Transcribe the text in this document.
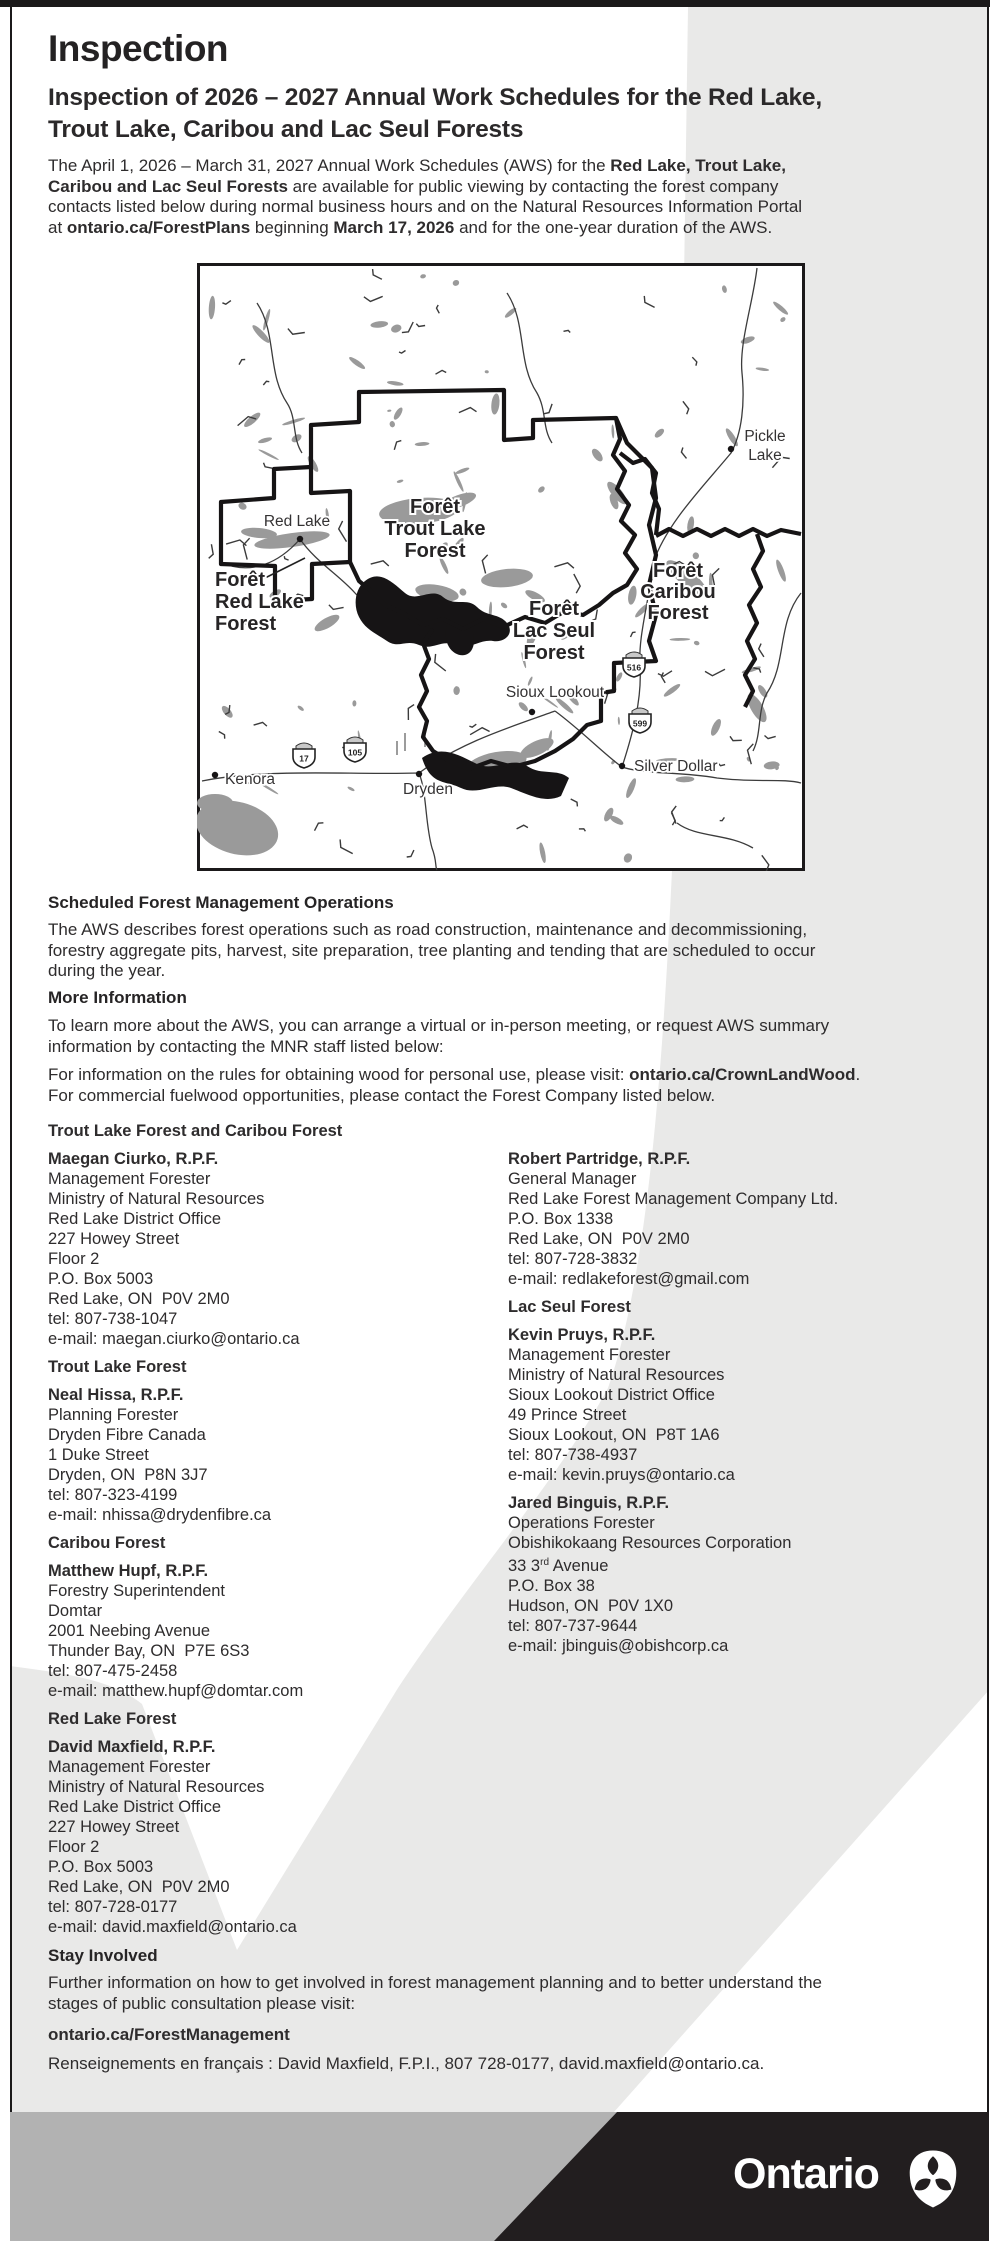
Inspection
Inspection of 2026 – 2027 Annual Work Schedules for the Red Lake,
Trout Lake, Caribou and Lac Seul Forests
The April 1, 2026 – March 31, 2027 Annual Work Schedules (AWS) for the Red Lake, Trout Lake,
Caribou and Lac Seul Forests are available for public viewing by contacting the forest company
contacts listed below during normal business hours and on the Natural Resources Information Portal
at ontario.ca/ForestPlans beginning March 17, 2026 and for the one-year duration of the AWS.
17
105
516
599
Forêt
Trout Lake
Forest
Forêt
Red Lake
Forest
Forêt
Lac Seul
Forest
Forêt
Caribou
Forest
Red Lake
Pickle
Lake
Sioux Lookout
Silver Dollar
Kenora
Dryden
Scheduled Forest Management Operations
The AWS describes forest operations such as road construction, maintenance and decommissioning,
forestry aggregate pits, harvest, site preparation, tree planting and tending that are scheduled to occur
during the year.
More Information
To learn more about the AWS, you can arrange a virtual or in-person meeting, or request AWS summary
information by contacting the MNR staff listed below:
For information on the rules for obtaining wood for personal use, please visit: ontario.ca/CrownLandWood.
For commercial fuelwood opportunities, please contact the Forest Company listed below.
Trout Lake Forest and Caribou Forest
Maegan Ciurko, R.P.F.
Management Forester
Ministry of Natural Resources
Red Lake District Office
227 Howey Street
Floor 2
P.O. Box 5003
Red Lake, ON  P0V 2M0
tel: 807-738-1047
e-mail: maegan.ciurko@ontario.ca
Trout Lake Forest
Neal Hissa, R.P.F.
Planning Forester
Dryden Fibre Canada
1 Duke Street
Dryden, ON  P8N 3J7
tel: 807-323-4199
e-mail: nhissa@drydenfibre.ca
Caribou Forest
Matthew Hupf, R.P.F.
Forestry Superintendent
Domtar
2001 Neebing Avenue
Thunder Bay, ON  P7E 6S3
tel: 807-475-2458
e-mail: matthew.hupf@domtar.com
Red Lake Forest
David Maxfield, R.P.F.
Management Forester
Ministry of Natural Resources
Red Lake District Office
227 Howey Street
Floor 2
P.O. Box 5003
Red Lake, ON  P0V 2M0
tel: 807-728-0177
e-mail: david.maxfield@ontario.ca
Robert Partridge, R.P.F.
General Manager
Red Lake Forest Management Company Ltd.
P.O. Box 1338
Red Lake, ON  P0V 2M0
tel: 807-728-3832
e-mail: redlakeforest@gmail.com
Lac Seul Forest
Kevin Pruys, R.P.F.
Management Forester
Ministry of Natural Resources
Sioux Lookout District Office
49 Prince Street
Sioux Lookout, ON  P8T 1A6
tel: 807-738-4937
e-mail: kevin.pruys@ontario.ca
Jared Binguis, R.P.F.
Operations Forester
Obishikokaang Resources Corporation
33 3rd Avenue
P.O. Box 38
Hudson, ON  P0V 1X0
tel: 807-737-9644
e-mail: jbinguis@obishcorp.ca
Stay Involved
Further information on how to get involved in forest management planning and to better understand the
stages of public consultation please visit:
ontario.ca/ForestManagement
Renseignements en français : David Maxfield, F.P.I., 807 728-0177, david.maxfield@ontario.ca.
Ontario
